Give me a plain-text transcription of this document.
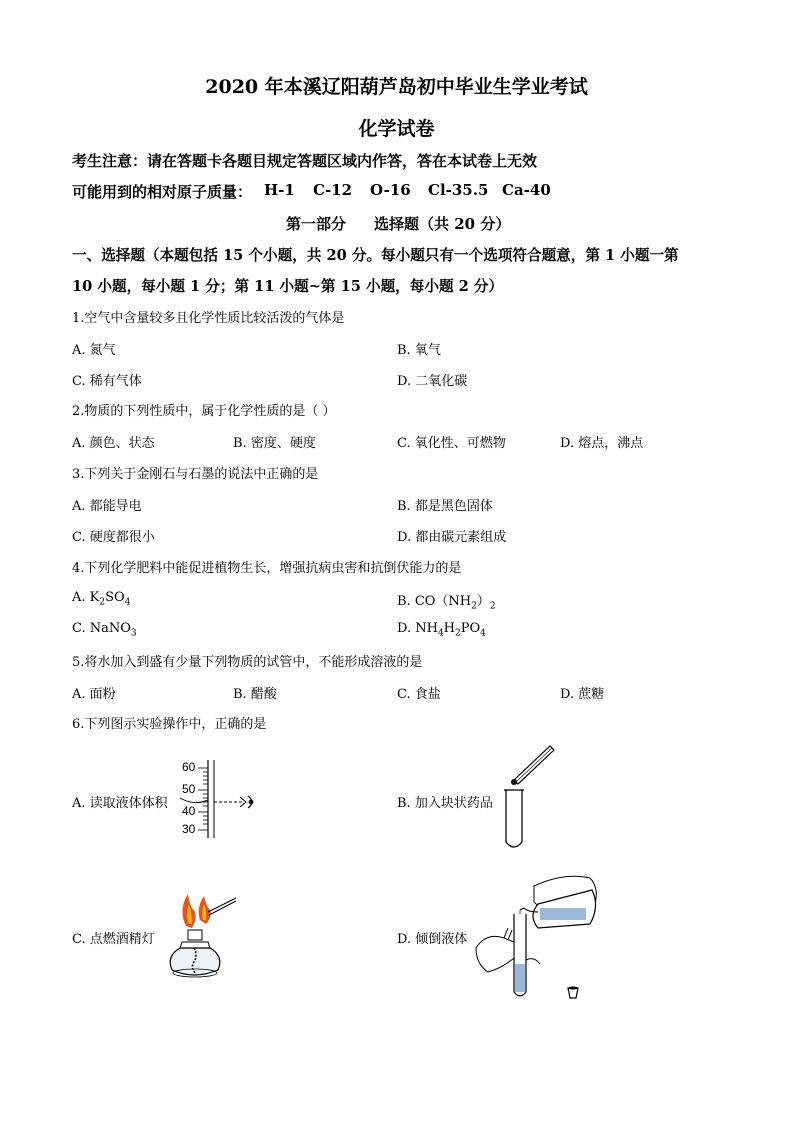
2020 年本溪辽阳葫芦岛初中毕业生学业考试
化学试卷
考生注意：请在答题卡各题目规定答题区域内作答，答在本试卷上无效
可能用到的相对原子质量： H-1 C-12 O-16 Cl-35.5 Ca-40
第一部分 选择题（共 20 分）
一、选择题（本题包括 15 个小题，共 20 分。每小题只有一个选项符合题意，第 1 小题一第
10 小题，每小题 1 分；第 11 小题~第 15 小题，每小题 2 分）
1.空气中含量较多且化学性质比较活泼的气体是
A. 氮气	B. 氧气
C. 稀有气体	D. 二氧化碳
2.物质的下列性质中，属于化学性质的是（ ）
A. 颜色、状态	B. 密度、硬度	C. 氧化性、可燃物	D. 熔点，沸点
3.下列关于金刚石与石墨的说法中正确的是
A. 都能导电	B. 都是黑色固体
C. 硬度都很小	D. 都由碳元素组成
4.下列化学肥料中能促进植物生长，增强抗病虫害和抗倒伏能力的是
A. $K_2SO_4$	B. $CO(NH_2)_2$
C. NaNO$_3$	D. $NH_4H_2PO_4$
5.将水加入到盛有少量下列物质的试管中，不能形成溶液的是
A. 面粉	B. 醋酸	C. 食盐	D. 蔗糖
6.下列图示实验操作中，正确的是
A. 读取液体体积	B. 加入块状药品
C. 点燃酒精灯	D. 倾倒液体
60
50
40
30
